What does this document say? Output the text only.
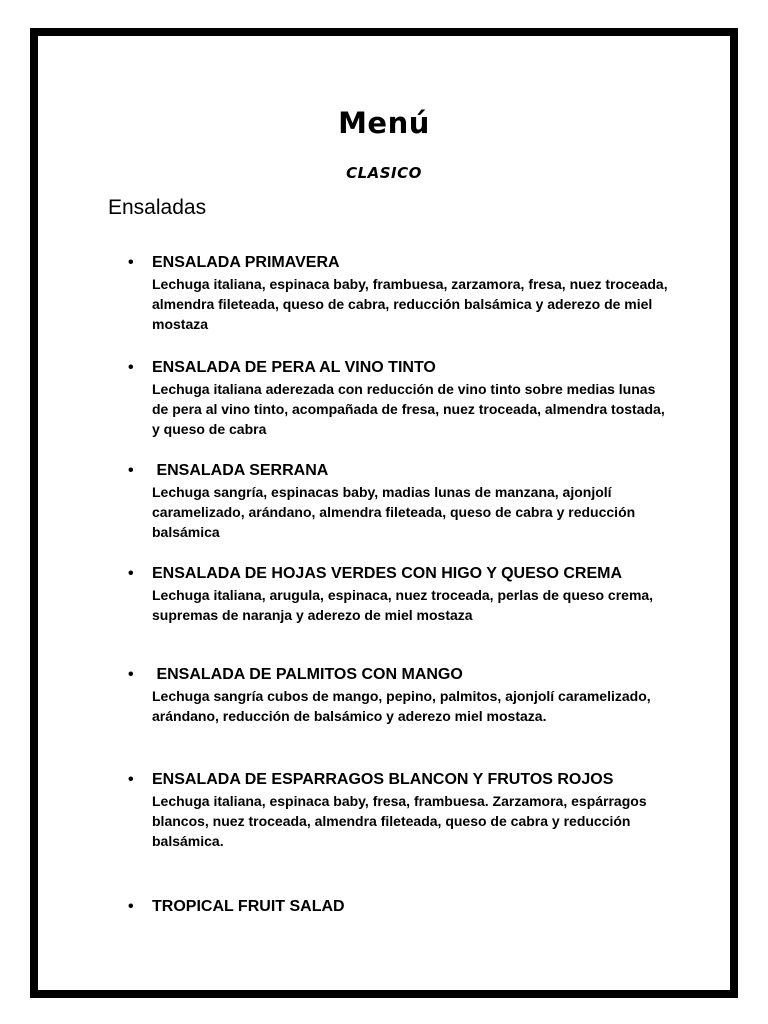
Menú
CLASICO
Ensaladas
• ENSALADA PRIMAVERA
Lechuga italiana, espinaca baby, frambuesa, zarzamora, fresa, nuez troceada, almendra fileteada, queso de cabra, reducción balsámica y aderezo de miel mostaza
• ENSALADA DE PERA AL VINO TINTO
Lechuga italiana aderezada con reducción de vino tinto sobre medias lunas de pera al vino tinto, acompañada de fresa, nuez troceada, almendra tostada, y queso de cabra
• ENSALADA SERRANA
Lechuga sangría, espinacas baby, madias lunas de manzana, ajonjolí caramelizado, arándano, almendra fileteada, queso de cabra y reducción balsámica
• ENSALADA DE HOJAS VERDES CON HIGO Y QUESO CREMA
Lechuga italiana, arugula, espinaca, nuez troceada, perlas de queso crema, supremas de naranja y aderezo de miel mostaza
• ENSALADA DE PALMITOS CON MANGO
Lechuga sangría cubos de mango, pepino, palmitos, ajonjolí caramelizado, arándano, reducción de balsámico y aderezo miel mostaza.
• ENSALADA DE ESPARRAGOS BLANCON Y FRUTOS ROJOS
Lechuga italiana, espinaca baby, fresa, frambuesa. Zarzamora, espárragos blancos, nuez troceada, almendra fileteada, queso de cabra y reducción balsámica.
• TROPICAL FRUIT SALAD
